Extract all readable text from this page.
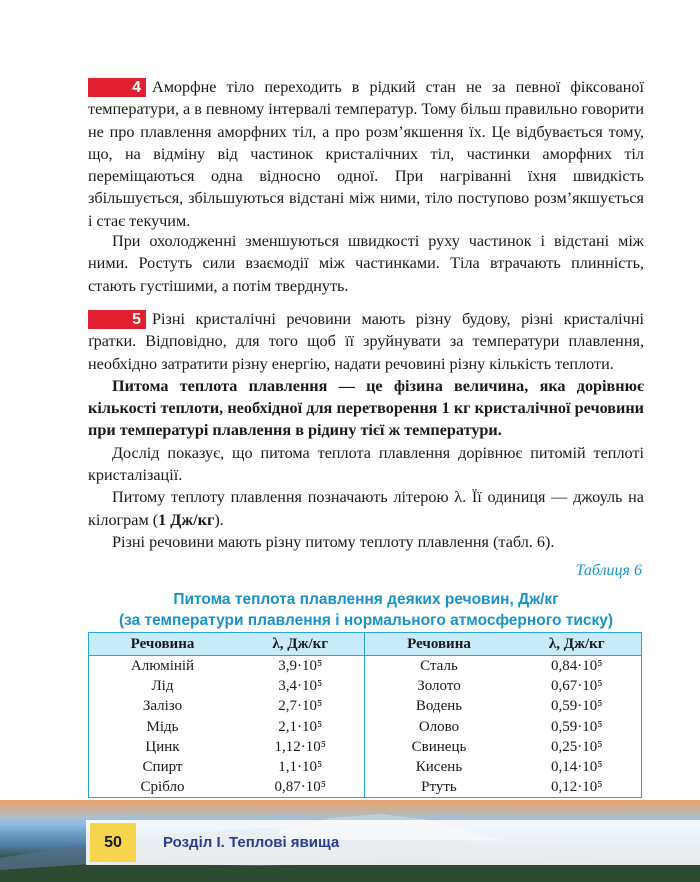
4 Аморфне тіло переходить в рідкий стан не за певної фіксованої температури, а в певному інтервалі температур. Тому більш правильно говорити не про плавлення аморфних тіл, а про розм’якшення їх. Це відбувається тому, що, на відміну від частинок кристалічних тіл, частинки аморфних тіл переміщаються одна відносно одної. При нагріванні їхня швидкість збільшується, збільшуються відстані між ними, тіло поступово розм’якшується і стає текучим.

При охолодженні зменшуються швидкості руху частинок і відстані між ними. Ростуть сили взаємодії між частинками. Тіла втрачають плинність, стають густішими, а потім тверднуть.

5 Різні кристалічні речовини мають різну будову, різні кристалічні ґратки. Відповідно, для того щоб її зруйнувати за температури плавлення, необхідно затратити різну енергію, надати речовині різну кількість теплоти.

Питома теплота плавлення — це фізина величина, яка дорівнює кількості теплоти, необхідної для перетворення 1 кг кристалічної речовини при температурі плавлення в рідину тієї ж температури.

Дослід показує, що питома теплота плавлення дорівнює питомій теплоті кристалізації.

Питому теплоту плавлення позначають літерою λ. Її одиниця — джоуль на кілограм (1 Дж/кг).

Різні речовини мають різну питому теплоту плавлення (табл. 6).

Таблиця 6
Питома теплота плавлення деяких речовин, Дж/кг
(за температури плавлення і нормального атмосферного тиску)
Речовина	λ, Дж/кг	Речовина	λ, Дж/кг
Алюміній	3,9·10⁵	Сталь	0,84·10⁵
Лід	3,4·10⁵	Золото	0,67·10⁵
Залізо	2,7·10⁵	Водень	0,59·10⁵
Мідь	2,1·10⁵	Олово	0,59·10⁵
Цинк	1,12·10⁵	Свинець	0,25·10⁵
Спирт	1,1·10⁵	Кисень	0,14·10⁵
Срібло	0,87·10⁵	Ртуть	0,12·10⁵
50	Розділ І. Теплові явища
